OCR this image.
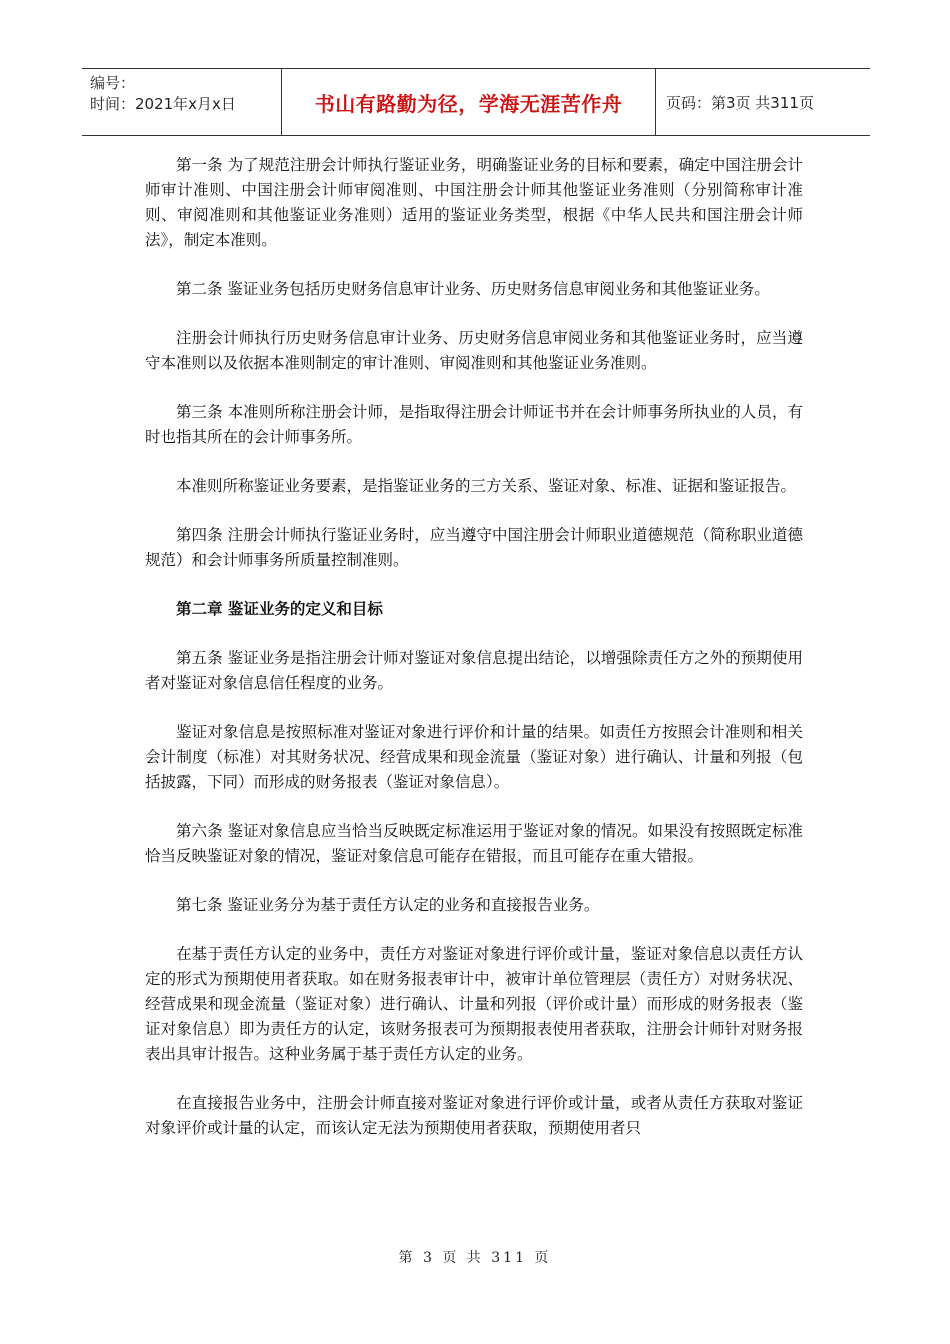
编号：
时间：2021年x月x日	书山有路勤为径，学海无涯苦作舟	页码：第3页 共311页

第一条 为了规范注册会计师执行鉴证业务，明确鉴证业务的目标和要素，确定中国注册会计师审计准则、中国注册会计师审阅准则、中国注册会计师其他鉴证业务准则（分别简称审计准则、审阅准则和其他鉴证业务准则）适用的鉴证业务类型，根据《中华人民共和国注册会计师法》，制定本准则。

第二条 鉴证业务包括历史财务信息审计业务、历史财务信息审阅业务和其他鉴证业务。

注册会计师执行历史财务信息审计业务、历史财务信息审阅业务和其他鉴证业务时，应当遵守本准则以及依据本准则制定的审计准则、审阅准则和其他鉴证业务准则。

第三条 本准则所称注册会计师，是指取得注册会计师证书并在会计师事务所执业的人员，有时也指其所在的会计师事务所。

本准则所称鉴证业务要素，是指鉴证业务的三方关系、鉴证对象、标准、证据和鉴证报告。

第四条 注册会计师执行鉴证业务时，应当遵守中国注册会计师职业道德规范（简称职业道德规范）和会计师事务所质量控制准则。

第二章 鉴证业务的定义和目标

第五条 鉴证业务是指注册会计师对鉴证对象信息提出结论，以增强除责任方之外的预期使用者对鉴证对象信息信任程度的业务。

鉴证对象信息是按照标准对鉴证对象进行评价和计量的结果。如责任方按照会计准则和相关会计制度（标准）对其财务状况、经营成果和现金流量（鉴证对象）进行确认、计量和列报（包括披露，下同）而形成的财务报表（鉴证对象信息）。

第六条 鉴证对象信息应当恰当反映既定标准运用于鉴证对象的情况。如果没有按照既定标准恰当反映鉴证对象的情况，鉴证对象信息可能存在错报，而且可能存在重大错报。

第七条 鉴证业务分为基于责任方认定的业务和直接报告业务。

在基于责任方认定的业务中，责任方对鉴证对象进行评价或计量，鉴证对象信息以责任方认定的形式为预期使用者获取。如在财务报表审计中，被审计单位管理层（责任方）对财务状况、经营成果和现金流量（鉴证对象）进行确认、计量和列报（评价或计量）而形成的财务报表（鉴证对象信息）即为责任方的认定，该财务报表可为预期报表使用者获取，注册会计师针对财务报表出具审计报告。这种业务属于基于责任方认定的业务。

在直接报告业务中，注册会计师直接对鉴证对象进行评价或计量，或者从责任方获取对鉴证对象评价或计量的认定，而该认定无法为预期使用者获取，预期使用者只

第 3 页 共 311 页
